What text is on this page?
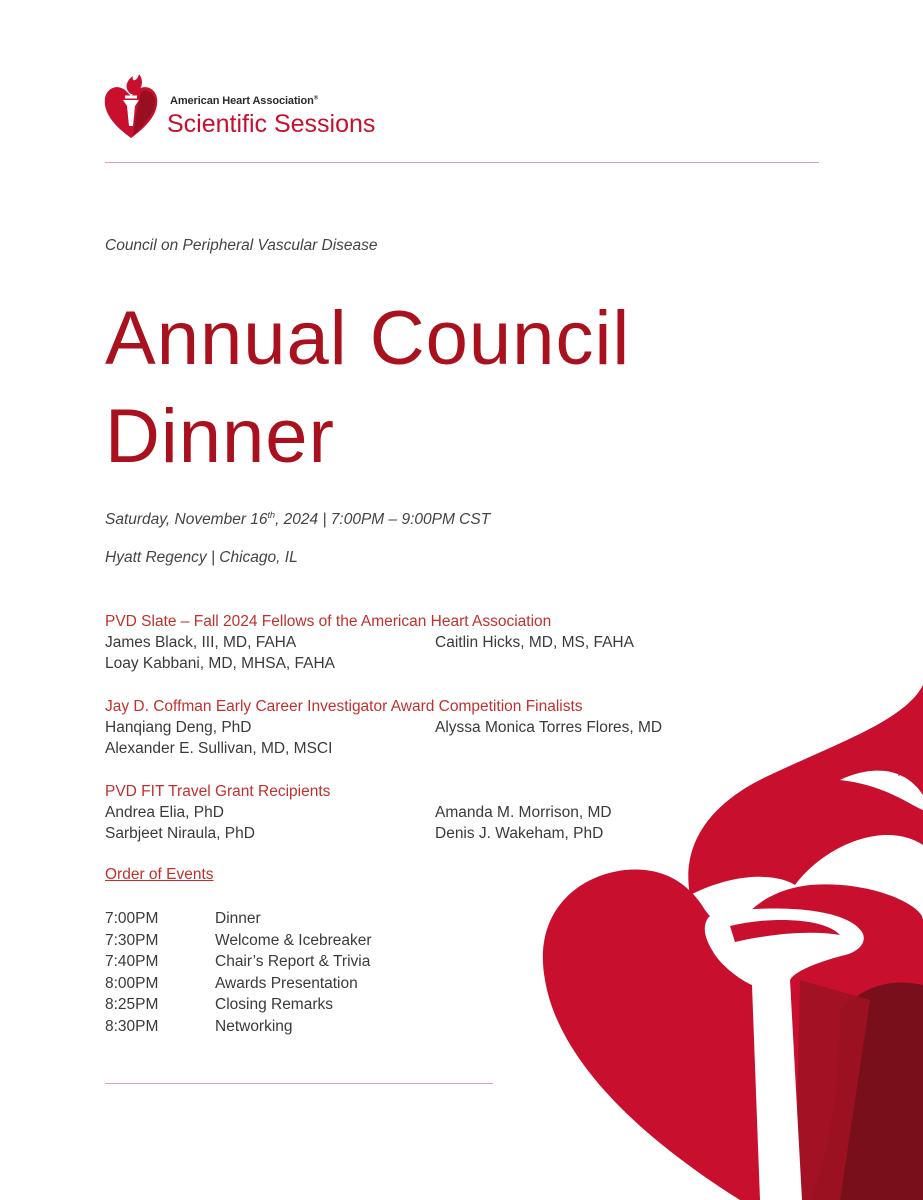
American Heart Association®
Scientific Sessions
Council on Peripheral Vascular Disease
Annual Council
Dinner
Saturday, November 16th, 2024 | 7:00PM – 9:00PM CST
Hyatt Regency | Chicago, IL
PVD Slate – Fall 2024 Fellows of the American Heart Association
James Black, III, MD, FAHA	Caitlin Hicks, MD, MS, FAHA
Loay Kabbani, MD, MHSA, FAHA
Jay D. Coffman Early Career Investigator Award Competition Finalists
Hanqiang Deng, PhD	Alyssa Monica Torres Flores, MD
Alexander E. Sullivan, MD, MSCI
PVD FIT Travel Grant Recipients
Andrea Elia, PhD	Amanda M. Morrison, MD
Sarbjeet Niraula, PhD	Denis J. Wakeham, PhD
Order of Events
7:00PM	Dinner
7:30PM	Welcome & Icebreaker
7:40PM	Chair’s Report & Trivia
8:00PM	Awards Presentation
8:25PM	Closing Remarks
8:30PM	Networking
